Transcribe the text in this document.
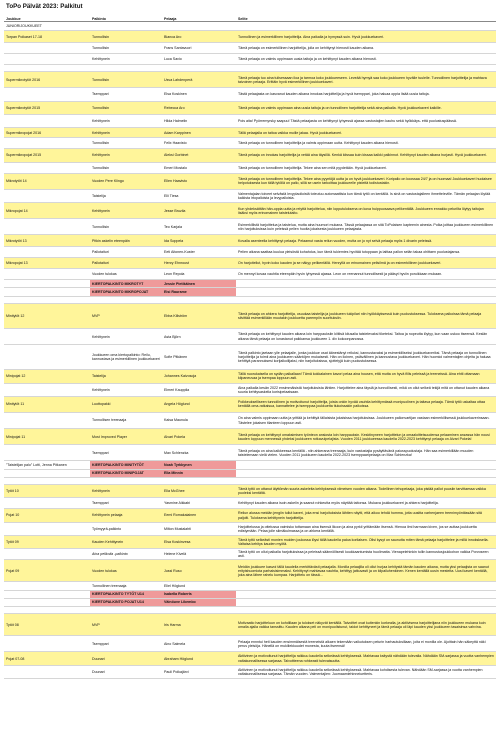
ToPo Pälvät 2023: Palkitut
Joukkue	Palkinto	Pelaaja	Selite
JUNIORIJOUKKUEET			
Torpan Poikaset 17-18	Tunnollisin	Bianca Aro	Tunnollinen ja esimerkillinen harjoittelija. Aina paikalla ja hymyssä suin. Hyvä joukkuekaveri.
	Tunnollisin	Frans Santavuori	Tämä pelaaja on esimerkillinen harjoittelija, jolla on kehittynyt hienosti kauden aikana.
	Kehittynein	Luca Savio	Tämä pelaaja on valmis oppimaan uusia taitoja ja on kehittynyt kauden aikana hienosti.

Supermikrotytöt 2016	Tunnollisin	Usva Lahdenperä	Tämä pelaaja tuo aina tulisessaan iloa ja tarmoa koko joukkueeseen. Leveää hymyä saa koko joukkueen hyvälle tuulelle. Tunnollinen harjoittelija ja mahtava taivoinen pelaaja. Erittäin hyvä esimerkillinen joukkuekaveri.
	Tsemppari	Elsa Koskinen	Tästä pelaajasta on kasvanut kauden aikana innokas harjoittelija ja hyvä tsemppari, joka haluaa oppia lisää uusia taitoja.
Supermikrotytöt 2015	Tunnollisin	Rebecca Aro	Tämä pelaaja on valmis oppimaan aina uusia taitoja ja on tunnollinen harjoittelija sekä aina paikalla. Hyvä joukkuekaveri kaikille.
	Kehittynein	Hilda Halmelin	Pois aita! Pyörremyrsky saapuu! Tästä pelaajasta on kehittynyt lyhyessä ajassa vastustajien kauhu sekä hyökkäys- että puolustuspäässä.
Supermikropojat 2016	Kehittynein	Adam Karppinen	Tällä pelaajalla on taitoa vaikka muille jakaa. Hyvä joukkuekaveri.
	Tunnollisin	Felix Haavisto	Tämä pelaaja on tunnollinen harjoittelija ja valmis oppimaan uutta. Kehittynyt kauden aikana hienosti.
Supermikropojat 2015	Kehittynein	Aleksi Gorbinet	Tämä pelaaja on innokas harjoittelija ja vetää aina täysillä. Kenkä kiissaa kuin kissaa kaikki palkinnot. Kehittynyt kauden aikana hurjasti. Hyvä joukkuekaveri.
	Tunnollisin	Emeri Mostalo	Tämä pelaaja on tunnollinen harjoittelija. Tekee aina sen mitä pyydetään. Hyvä joukkuekaveri.
Mikrotytöt 14	Vuoden Pere Klingo	Ellen Haavisto	Tämä pelaaja on tunnollinen harjoittelija. Tekee aina pyyntöjä uutta ja on hyvä joukkuekaveri. Koripallo on koossaa 24/7 ja on huomaa! Joukkuekaveri huolaisee helpotuksesta kun tällä tytöllä on pallo, sillä se usein tarkoittaa joukkueelle pisteitä todistustakin.
	Taistelija	Elli Tiesa	Valmentajalan toiveet selvästä levyplaolioistä toteutuu automaattisia kun tämä tyttö on kentällä. Is sinä on vastustajalleen ihmetteleville. Tämän pelaajan löytää kaikista irtopalloista ja levypalloista.
Mikropojat 14	Kehittynein	Jesse Bruzila	Kun yhdeksätitän hän-oppia uutta ja relyttä harjoittelua, niin lopputuloksena on kova huippuosaava pelikentällä. Joukkueen ennakko pelurilta löytyy taitojan lisäksi myös erinomainen taistelutaito.
	Tunnollisin	Teo Karjala	Esimerkillistä harjoittelua ja taistelua, mutta aina huumori mukana. Tässä pelaajassa on sitä ToPolaisen kapteenin ainesta. Polka joittaa joukkueen esimerkillinen niin harjoituksissa kuin peleissä pelien huolta jokaisesta joukkueen pelaajasta.
Mikrotytöt 13	Pitkin askelin eteenpäin	Ida Soppela	Kovalla asenteella kehittynyt pelaaja. Pelaamut vasta reilun vuoden, mutta on jo nyt selvä pelaaja myös 1 divarin peleissä.
	Pallotaituri	Eeti Aitonen-Kuster	Pelien aikana saattaa kuulua yleisöstä kohahdus, kun tämä tukiemies hyvitää tutoppaan ja laittaa pallon selän takaa ohittaen puolustajansa.
Mikropojat 13	Pallotaituri	Henry Ehnroust	On harjoitellut, hyvin koko kauden ja se näkyy pelikentällä. Henryllä on erinomainen pelisilmä ja on esimerkillinen joukkuekaveri.
	Vuoden tulokas	Leon Repola	On mennyt kovaa vauhtia eteenpäin hyvin lyhyessä ajassa. Leon on reenannut tunnollisesti ja pääsyt hyviin poruikkaan mukaan.
	KIERTOPALKINTO MIKROTYT	Jessie Pietikäinen	
	KIERTOPALKINTO MIKROPOJAT	Eisi Raurame	

Minitytöt 12	MVP	Ebba Killström	Tämä pelaaja on ahkera harjoittelija, osuukaa taistelija ja joukkueen tukipilari niin hyökkäyksessä kuin puolustuksessa. Tuloksena paikoissa tämä pelaaja silvittää esimerkillään muutakin joukkuetta parempiin suorituksiin.
	Kehittynein	Asta Björn	Tämä pelaaja on kehittynyt kauden aikana loin harppauksiin kiitiisä kiiusalia taistelevaksi tiketeksi. Taitoa ja nopeutta löytyy, kun vaan uskoo itseensä. Kesiän aikana tämä pelaaja on lunastanut paikkansa joukkueen 1. div kokoonpanossa.
	Joukkueen oma kiertopalkinto: Reilu, kannustava ja esimerkillinen joukkuekaveri	Sofie Pitkänen	Tämä palkinto jaetaan ylle pelaajalle, jonka joukkue osat äänestänyt reiluksi, kannustavaksi ja esimerkilliseksi joukkuekaveriksi. Tämä pelaaja on tunnollinen harjoittelija ja toimii aina joukkueen sääntöjen mukaisesti. Hän on iloinen, ystävällinen ja kannustava joukkuekaveri. Hän huomioi valmentajien ohjeita ja haluaa kehittyä parannuksesi korijalkoilijaksi, niin harjoituksissa, sjottelyjä kuin puolustuksessa.
Minipojat 12	Taistelija	Johannes Kaivosoja	Tällä nuorukaisella on sydän paikallaan! Tämä kokkalainen kavori pelaa aina housen, että mutta on hyvä fiilis peleissä ja treeneissä. Aina ehtii ottamaan kilpaneuvaa ja tsempaa loppuun asti.
	Kehittynein	Elmeri Kauppila	Aina paikalla kesän 2022 ensimmäisistä harjoituksista lähtien. Harjoittelee aina täysiä ja tunnollisesti, mikä on ollut selkeä tekijä mitä on ottanut kauden aikana suuria kehitysaskelia korisipelaatsaan.
Minitytöt 11	Luottopakki	Angela Höglund	Poikkeukselliseen tunnollinen ja motivoitunut harjoittelija, joista onkin hyvää vauhtia kehittymässä monipuolinen ja taitava pelaaja. Tämä tyttö uskaltaa ottaa kentällä oma-ratkaisua, kannattelee ja tsemppaa joukkuetta tiukoissakin paikoissa.
	Tunnollisen treenaaja	Kaisa Maunula	On aina valmis oppimaan uutta ja yrittää ja kehittyä tällaisista jokaisissa harjoituksissa. Joukkueen pallonvartijan vastaan esimerkillisessä joukkuekaverinsaan. Tästelee jokaisen tilanteen loppuun asti.
Minipojat 11	Most Improved Player	Alvari Pokela	Tämä pelaaja on kehittynyt omaksimisen työnteon ansiosta loin harppauksin. Kesktinyneen harjoittelun ja omaaloitteisuudensa pelaaminen anzassa hän nousi kauden loppuun mennessä yhdeksi joukkueen rotkavulpelajista. Vuoden 2011 joukkueessa kaudella 2022-2023 kehittynyt pelaaja on Alvari Pokela!
	Tsemppari	Max Schlenzka	Tämä pelaaja on aina kaikkeessa kentällä - niin ahkerana treenaaja, kuin vastustajia pysäyttävänä paiusspuolustaja. Hän saa esimerkillään muuden taistelemaan vielä vielen. Vuoden 2011 joukkueen kaudella 2022-2023 tsemppaaripelaaja on Max Schlenzka!
"Taistelijan palo" Lotti, Jenna Pitkanen	KIERTOPALKINTO MINITYTÖT	Noah Tyrkkynen	
	KIERTOPALKINTO MINIPOJAT	Ella Minnin	

Tytöt 10	Kehittynein	Ella McGhee	Tämä tyttö on ottanut äiyttömän suuria askeleita kehityksessä viimeisen vuoden aikana. Todellinen tehopelaaja, joka pistää pallot puusiin tarvittaessa vaikka puoleksi kentältä.
	Tsemppari	Yasmine Aikkabi	Kehittynyt kauden aikana isoin askelin ja saanut rohkeutta myös näyttää taitonsa. Mukava joukkuekaveri ja ahkera harjoittelija.
Pojat 10	Kehittynein pelaaja	Eemi Romakaiainen	Reilun alussa meidän jengiin tullut kaveri, joka ensi harjoituksista lähtien näytti, että aikoo tehdä homma, jotta uusitta varhenjaeen treenimyöntässään sitä paljolti. Tuloksena kehittynein harjoittelija.
	Työmyyrä-palkinto	Milton Mustalahti	Harjoittelussa ja ottelussa vaimisko tottamaan aina itsensä likoon ja aina pyrkii yrittämään itsensä. Hienoa ilmi harmaan kiven, jos se auttaa joukkuetta edistymään. Pelaa jolle slimäkulmassa ja on ahkera kentällä.
Tytöt 09	Kauden Kehittynein	Elsa Koskinvesa	Tämä tyttö selkeästi monien muiden joukossa löysi tällä kaudella paloa korilaisen. Olisi kysyt on saunutta miten tämä pelaaja harjoittelee ja millä innoksksella. Valtaisa kehitys kauden myötä.
	Aina pelikoila -palkinto	Helene Kivelä	Tämä tyttö on ollut paikalla harjoituksissa ja peleissä säännöllisesti koukkaantumista huolimatta. Vienapelehinkin tullin kannustusjoukkohon valkka Porvoseen asti.
Pojat 09	Vuoden tulokas	Jussi Ruso	Meidän joukkuee kasvoi tällä kaudella merkittävästi pelaajalla. Monilla pelaajilla oli ollut hurjaa kehitystä tämän kauden aikana, mutta yksi pelaajista on saanut erityishuomiota parhaisisimmaksi. Kehittynyt mahtavaa vauhtia, kehittyy jatkuvasti ja on kilpailuhenkinen. Kenen kentällä uusin mestelta. Uusi kaveri kentällä, joka aina lähee rahelu kumpaa. Harjoittelu on tässä...
	Tunnollinen treenaaja	Eliel Höglund	
	KIERTOPALKINTO TYTÖT U14	Isabella Roberts	
	KIERTOPALKINTO POJAT U14	Väinöuve Likembo	

Tytöt 08	MVP	Iris Harma	Motivaatio harjoitteluun on kohdillaan ja tulokset näkyvät kentällä. Taivoittet ovat kuitenkin korkealla, ja aktiivisena harjoittelijana niin joukkueen mukana kuin omalla ajalla vaikka tanssittu. Kauden aikana peli on monipuolistunut, taidot kehittyneet ja tämä pelaaja oli läpi kauden yksi joukkueen tasaisinsa vahvina.
	Tsemppari	Aino Salmela	Pelaaja ennntui heti kauden ensimmäisestä treeneistä alkaen tekemään vaikutuksen pelurin harhautuksillaan, joita ei monilla ole. Ajoittain hän säkeyttä näki perus yleisöja. Hänellä on mukiliekkuudet monesta, kuuta itseensä!
Pojat 07-08	Duunari	Abraham Höglund	Aktiivinen ja motivoitunut harjoittelija raikkuu kaudella selkeässä kehityksessä. Mahtavaa ksitystä nähdään tulevalla. Nähdään SM-sarjassa ja vuotta vanhempien valtakunnallisessa sarjassa. Taivoitteena rohkeasti tulevaisuutta.
	Duunari	Pauli Poikajärvi	Aktiivinen ja motivoitunut harjoittelija raikkuu kaudella selkeässä kehityksessä. Mahtavaa kohdisesta tulevan. Nähdään SM-sarjassa ja vuotta vanhempien valtakunnallisessa sarjassa. Tämän vuoden. Valmentajien: Juomaamiehinneiuetteris.
